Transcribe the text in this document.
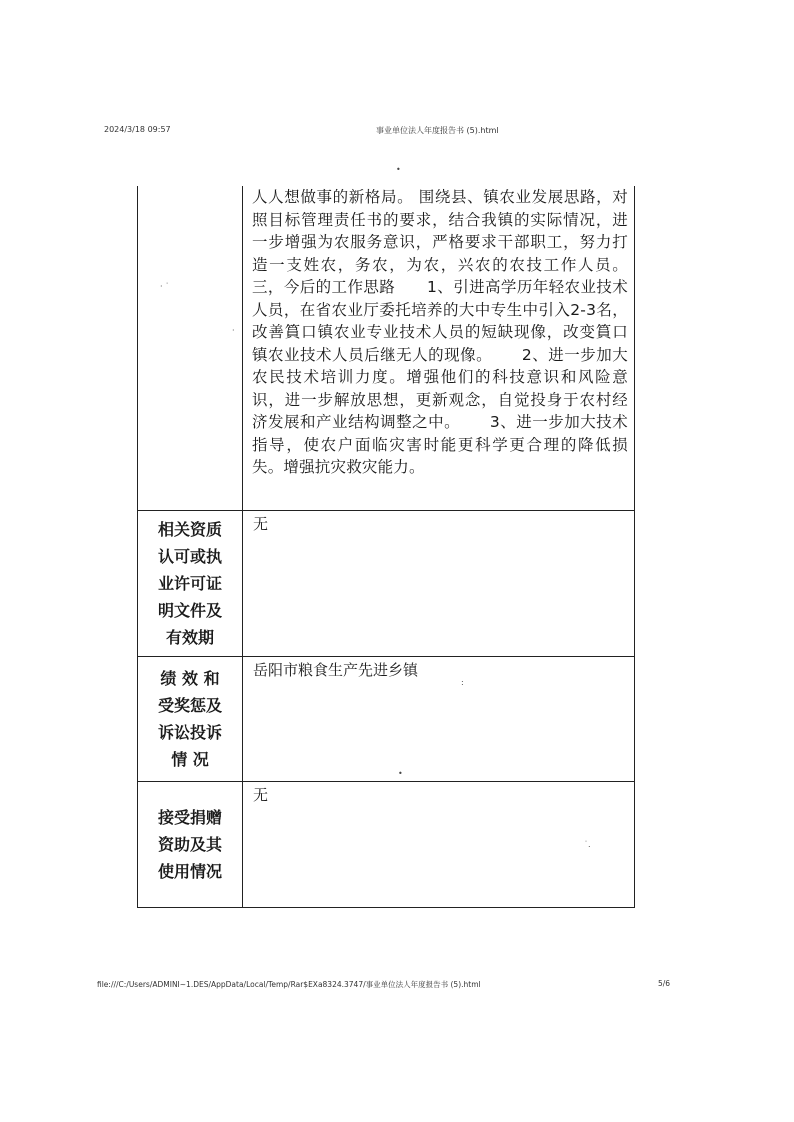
2024/3/18 09:57	事业单位法人年度报告书 (5).html
•
· ˙
·
:
•
˙.
	人人想做事的新格局。 围绕县、镇农业发展思路，对照目标管理责任书的要求，结合我镇的实际情况，进一步增强为农服务意识，严格要求干部职工，努力打造一支姓农，务农，为农，兴农的农技工作人员。 三，今后的工作思路　　1、引进高学历年轻农业技术人员，在省农业厅委托培养的大中专生中引入2-3名，改善篔口镇农业专业技术人员的短缺现像，改变篔口镇农业技术人员后继无人的现像。　　 2、进一步加大农民技术培训力度。增强他们的科技意识和风险意识，进一步解放思想，更新观念，自觉投身于农村经济发展和产业结构调整之中。　　 3、进一步加大技术指导，使农户面临灾害时能更科学更合理的降低损失。增强抗灾救灾能力。

相关资质
认可或执
业许可证
明文件及
有效期	无

绩 效 和
受奖惩及
诉讼投诉
情 况	岳阳市粮食生产先进乡镇

接受捐赠
资助及其
使用情况	无
file:///C:/Users/ADMINI~1.DES/AppData/Local/Temp/Rar$EXa8324.3747/事业单位法人年度报告书 (5).html	5/6
